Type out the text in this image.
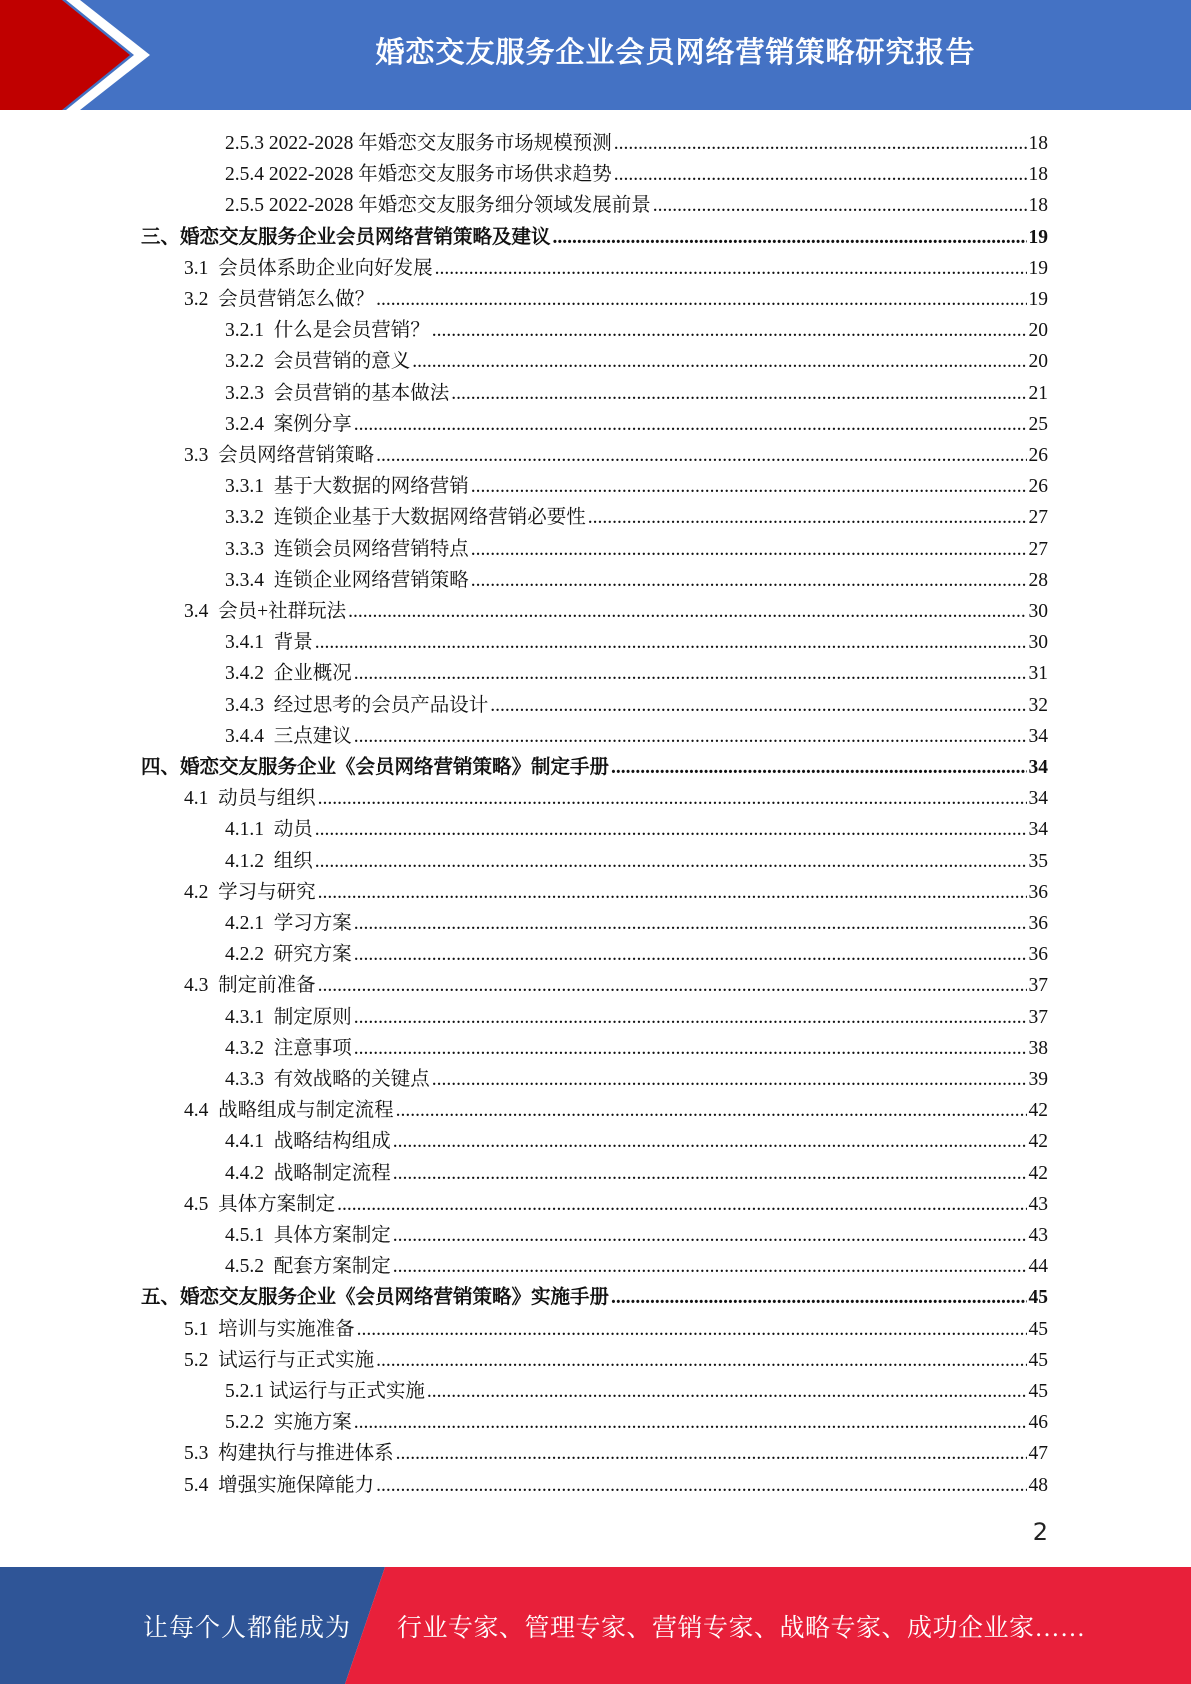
婚恋交友服务企业会员网络营销策略研究报告
2.5.3 2022-2028 年婚恋交友服务市场规模预测 .....	18
2.5.4 2022-2028 年婚恋交友服务市场供求趋势 .....	18
2.5.5 2022-2028 年婚恋交友服务细分领域发展前景 .....	18
三、婚恋交友服务企业会员网络营销策略及建议 .....	19
3.1  会员体系助企业向好发展 .....	19
3.2  会员营销怎么做？ .....	19
3.2.1  什么是会员营销？ .....	20
3.2.2  会员营销的意义 .....	20
3.2.3  会员营销的基本做法 .....	21
3.2.4  案例分享 .....	25
3.3  会员网络营销策略 .....	26
3.3.1  基于大数据的网络营销 .....	26
3.3.2  连锁企业基于大数据网络营销必要性 .....	27
3.3.3  连锁会员网络营销特点 .....	27
3.3.4  连锁企业网络营销策略 .....	28
3.4  会员+社群玩法 .....	30
3.4.1  背景 .....	30
3.4.2  企业概况 .....	31
3.4.3  经过思考的会员产品设计 .....	32
3.4.4  三点建议 .....	34
四、婚恋交友服务企业《会员网络营销策略》制定手册 .....	34
4.1  动员与组织 .....	34
4.1.1  动员 .....	34
4.1.2  组织 .....	35
4.2  学习与研究 .....	36
4.2.1  学习方案 .....	36
4.2.2  研究方案 .....	36
4.3  制定前准备 .....	37
4.3.1  制定原则 .....	37
4.3.2  注意事项 .....	38
4.3.3  有效战略的关键点 .....	39
4.4  战略组成与制定流程 .....	42
4.4.1  战略结构组成 .....	42
4.4.2  战略制定流程 .....	42
4.5  具体方案制定 .....	43
4.5.1  具体方案制定 .....	43
4.5.2  配套方案制定 .....	44
五、婚恋交友服务企业《会员网络营销策略》实施手册 .....	45
5.1  培训与实施准备 .....	45
5.2  试运行与正式实施 .....	45
5.2.1 试运行与正式实施 .....	45
5.2.2  实施方案 .....	46
5.3  构建执行与推进体系 .....	47
5.4  增强实施保障能力 .....	48
2
让每个人都能成为 行业专家、管理专家、营销专家、战略专家、成功企业家……
